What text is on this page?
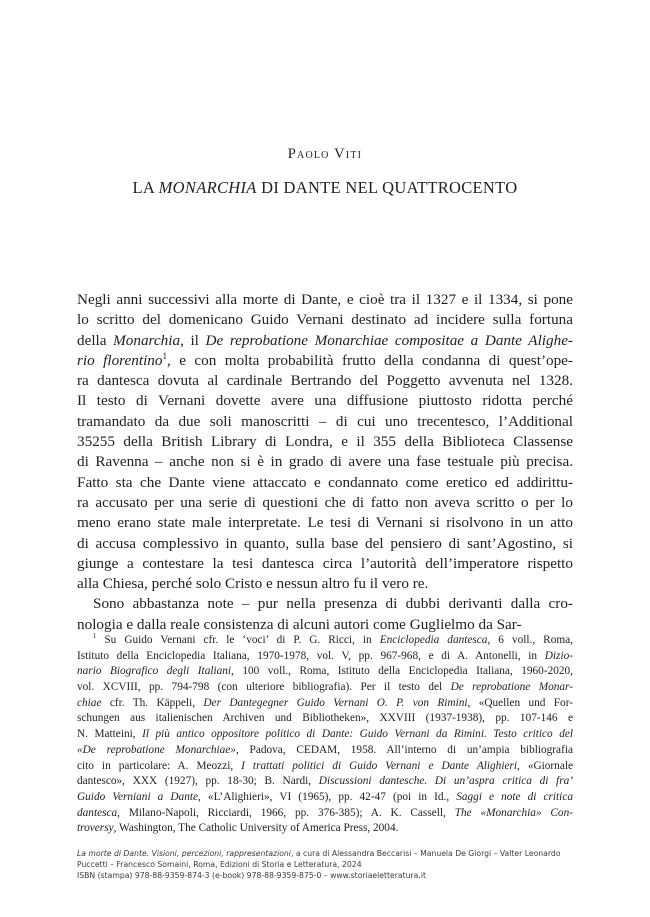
Paolo Viti
LA MONARCHIA DI DANTE NEL QUATTROCENTO
Negli anni successivi alla morte di Dante, e cioè tra il 1327 e il 1334, si pone
lo scritto del domenicano Guido Vernani destinato ad incidere sulla fortuna
della Monarchia, il De reprobatione Monarchiae compositae a Dante Alighe-
rio florentino$^1$, e con molta probabilità frutto della condanna di quest’ope-
ra dantesca dovuta al cardinale Bertrando del Poggetto avvenuta nel 1328.
Il testo di Vernani dovette avere una diffusione piuttosto ridotta perché
tramandato da due soli manoscritti – di cui uno trecentesco, l’Additional
35255 della British Library di Londra, e il 355 della Biblioteca Classense
di Ravenna – anche non si è in grado di avere una fase testuale più precisa.
Fatto sta che Dante viene attaccato e condannato come eretico ed addirittu-
ra accusato per una serie di questioni che di fatto non aveva scritto o per lo
meno erano state male interpretate. Le tesi di Vernani si risolvono in un atto
di accusa complessivo in quanto, sulla base del pensiero di sant’Agostino, si
giunge a contestare la tesi dantesca circa l’autorità dell’imperatore rispetto
alla Chiesa, perché solo Cristo e nessun altro fu il vero re.
Sono abbastanza note – pur nella presenza di dubbi derivanti dalla cro-
nologia e dalla reale consistenza di alcuni autori come Guglielmo da Sar-
$^1$ Su Guido Vernani cfr. le ‘voci’ di P. G. Ricci, in Enciclopedia dantesca, 6 voll., Roma,
Istituto della Enciclopedia Italiana, 1970-1978, vol. V, pp. 967-968, e di A. Antonelli, in Dizio-
nario Biografico degli Italiani, 100 voll., Roma, Istituto della Enciclopedia Italiana, 1960-2020,
vol. XCVIII, pp. 794-798 (con ulteriore bibliografia). Per il testo del De reprobatione Monar-
chiae cfr. Th. Käppeli, Der Dantegegner Guido Vernani O. P. von Rimini, «Quellen und For-
schungen aus italienischen Archiven und Bibliotheken», XXVIII (1937-1938), pp. 107-146 e
N. Matteini, Il più antico oppositore politico di Dante: Guido Vernani da Rimini. Testo critico del
«De reprobatione Monarchiae», Padova, CEDAM, 1958. All’interno di un’ampia bibliografia
cito in particolare: A. Meozzi, I trattati politici di Guido Vernani e Dante Alighieri, «Giornale
dantesco», XXX (1927), pp. 18-30; B. Nardi, Discussioni dantesche. Di un’aspra critica di fra’
Guido Verniani a Dante, «L’Alighieri», VI (1965), pp. 42-47 (poi in Id., Saggi e note di critica
dantesca, Milano-Napoli, Ricciardi, 1966, pp. 376-385); A. K. Cassell, The «Monarchia» Con-
troversy, Washington, The Catholic University of America Press, 2004.
La morte di Dante. Visioni, percezioni, rappresentazioni, a cura di Alessandra Beccarisi – Manuela De Giorgi – Valter Leonardo
Puccetti – Francesco Somaini, Roma, Edizioni di Storia e Letteratura, 2024
ISBN (stampa) 978-88-9359-874-3 (e-book) 978-88-9359-875-0 – www.storiaeletteratura.it
